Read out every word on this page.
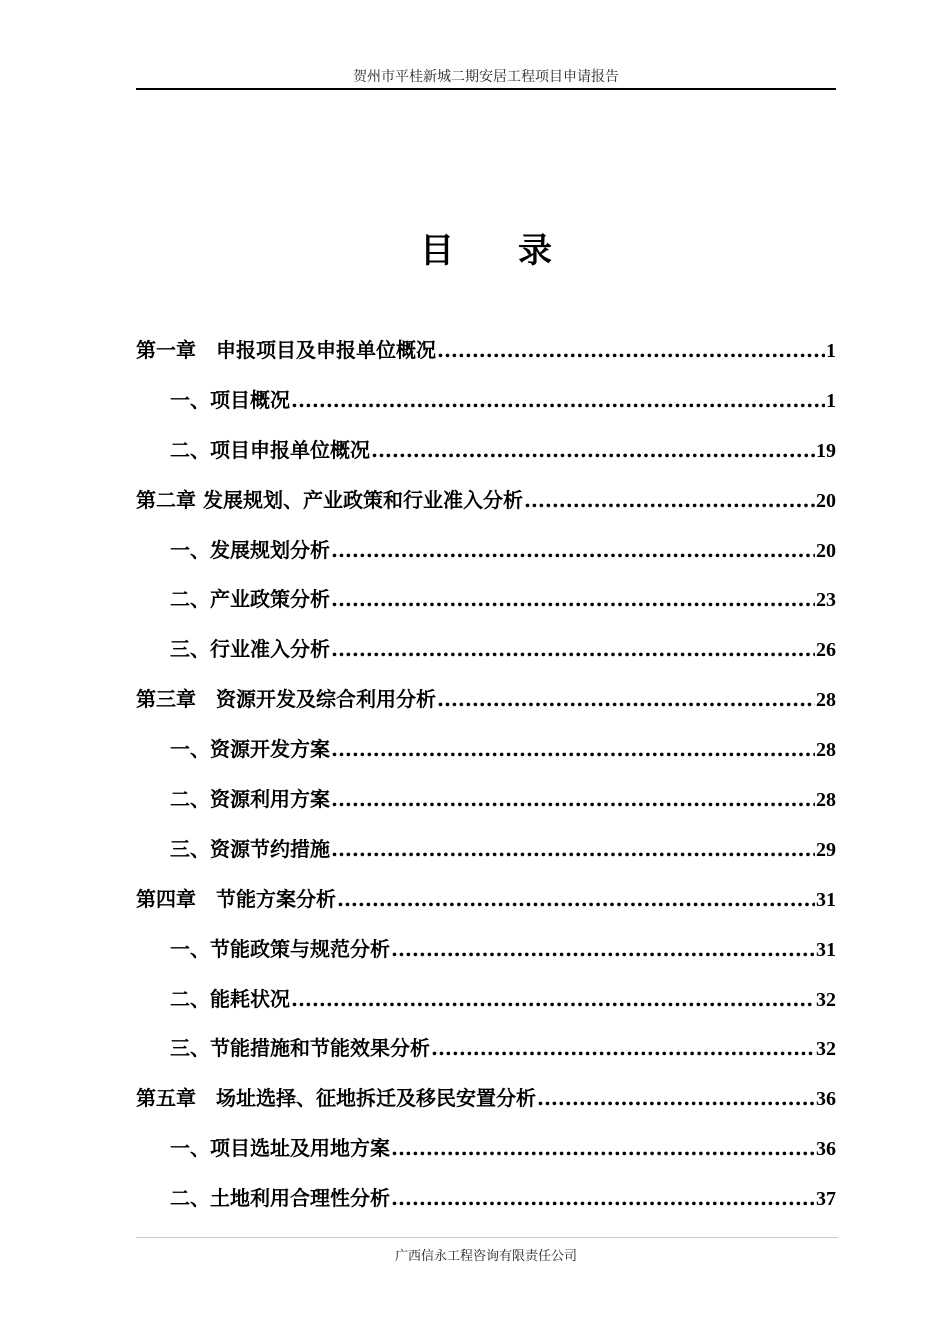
贺州市平桂新城二期安居工程项目申请报告
目 录
第一章　申报项目及申报单位概况 .....	1
一、项目概况 .....	1
二、项目申报单位概况 .....	19
第二章 发展规划、产业政策和行业准入分析 .....	20
一、发展规划分析 .....	20
二、产业政策分析 .....	23
三、行业准入分析 .....	26
第三章　资源开发及综合利用分析 .....	28
一、资源开发方案 .....	28
二、资源利用方案 .....	28
三、资源节约措施 .....	29
第四章　节能方案分析 .....	31
一、节能政策与规范分析 .....	31
二、能耗状况 .....	32
三、节能措施和节能效果分析 .....	32
第五章　场址选择、征地拆迁及移民安置分析 .....	36
一、项目选址及用地方案 .....	36
二、土地利用合理性分析 .....	37
广西信永工程咨询有限责任公司
